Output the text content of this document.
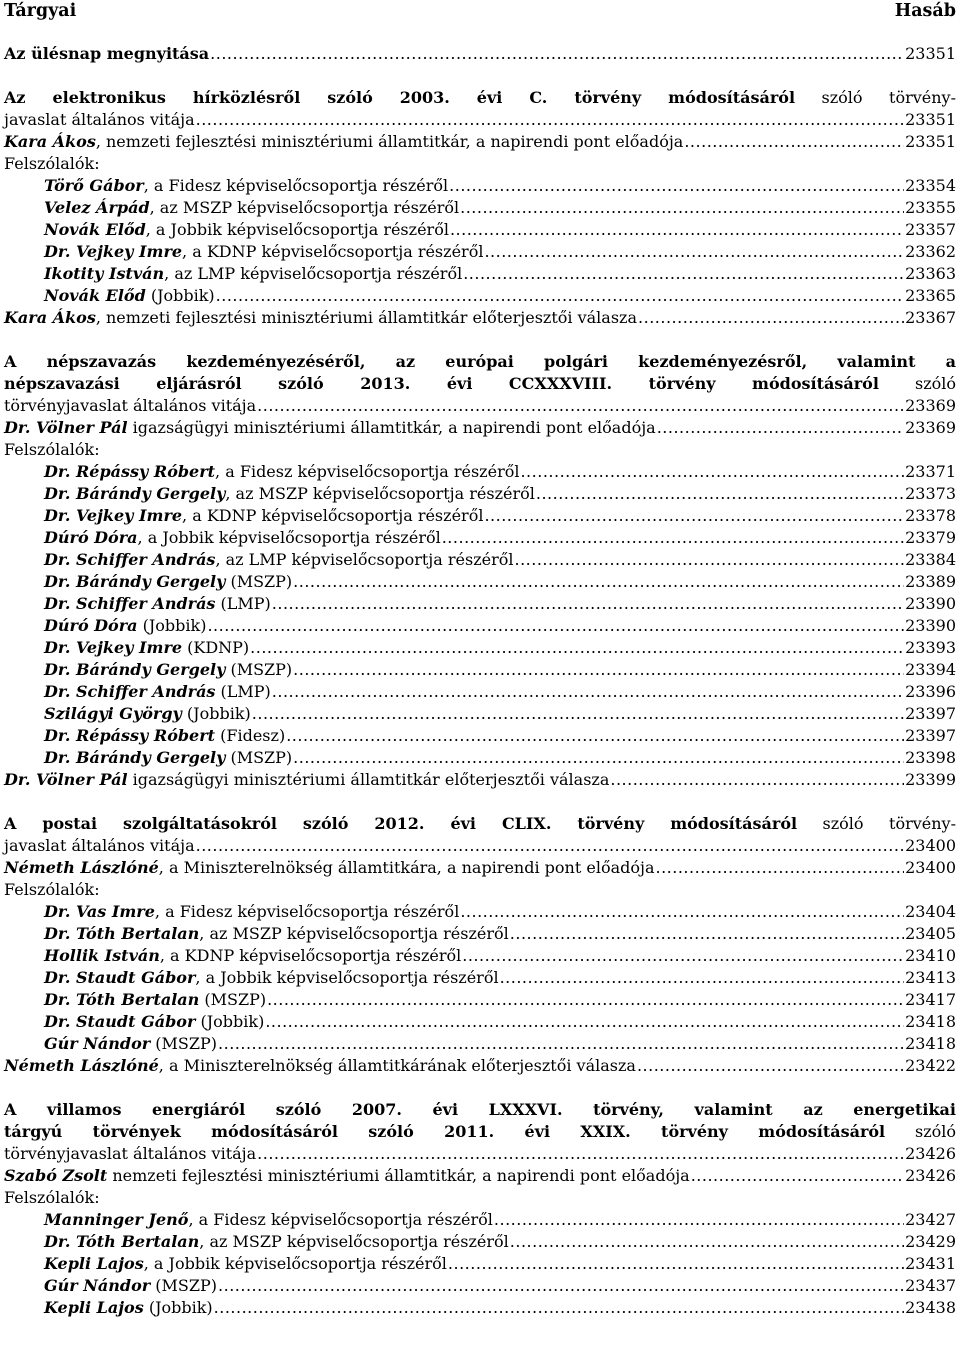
Tárgyai	Hasáb
Az ülésnap megnyitása .....	23351
Az elektronikus hírközlésről szóló 2003. évi C. törvény módosításáról szóló törvény-
javaslat általános vitája .....	23351
Kara Ákos, nemzeti fejlesztési minisztériumi államtitkár, a napirendi pont előadója .....	23351
Felszólalók:
Törő Gábor, a Fidesz képviselőcsoportja részéről .....	23354
Velez Árpád, az MSZP képviselőcsoportja részéről .....	23355
Novák Előd, a Jobbik képviselőcsoportja részéről .....	23357
Dr. Vejkey Imre, a KDNP képviselőcsoportja részéről .....	23362
Ikotity István, az LMP képviselőcsoportja részéről .....	23363
Novák Előd (Jobbik) .....	23365
Kara Ákos, nemzeti fejlesztési minisztériumi államtitkár előterjesztői válasza .....	23367
A népszavazás kezdeményezéséről, az európai polgári kezdeményezésről, valamint a
népszavazási eljárásról szóló 2013. évi CCXXXVIII. törvény módosításáról szóló
törvényjavaslat általános vitája .....	23369
Dr. Völner Pál igazságügyi minisztériumi államtitkár, a napirendi pont előadója .....	23369
Felszólalók:
Dr. Répássy Róbert, a Fidesz képviselőcsoportja részéről .....	23371
Dr. Bárándy Gergely, az MSZP képviselőcsoportja részéről .....	23373
Dr. Vejkey Imre, a KDNP képviselőcsoportja részéről .....	23378
Dúró Dóra, a Jobbik képviselőcsoportja részéről .....	23379
Dr. Schiffer András, az LMP képviselőcsoportja részéről .....	23384
Dr. Bárándy Gergely (MSZP) .....	23389
Dr. Schiffer András (LMP) .....	23390
Dúró Dóra (Jobbik) .....	23390
Dr. Vejkey Imre (KDNP) .....	23393
Dr. Bárándy Gergely (MSZP) .....	23394
Dr. Schiffer András (LMP) .....	23396
Szilágyi György (Jobbik) .....	23397
Dr. Répássy Róbert (Fidesz) .....	23397
Dr. Bárándy Gergely (MSZP) .....	23398
Dr. Völner Pál igazságügyi minisztériumi államtitkár előterjesztői válasza .....	23399
A postai szolgáltatásokról szóló 2012. évi CLIX. törvény módosításáról szóló törvény-
javaslat általános vitája .....	23400
Németh Lászlóné, a Miniszterelnökség államtitkára, a napirendi pont előadója .....	23400
Felszólalók:
Dr. Vas Imre, a Fidesz képviselőcsoportja részéről .....	23404
Dr. Tóth Bertalan, az MSZP képviselőcsoportja részéről .....	23405
Hollik István, a KDNP képviselőcsoportja részéről .....	23410
Dr. Staudt Gábor, a Jobbik képviselőcsoportja részéről .....	23413
Dr. Tóth Bertalan (MSZP) .....	23417
Dr. Staudt Gábor (Jobbik) .....	23418
Gúr Nándor (MSZP) .....	23418
Németh Lászlóné, a Miniszterelnökség államtitkárának előterjesztői válasza .....	23422
A villamos energiáról szóló 2007. évi LXXXVI. törvény, valamint az energetikai
tárgyú törvények módosításáról szóló 2011. évi XXIX. törvény módosításáról szóló
törvényjavaslat általános vitája .....	23426
Szabó Zsolt nemzeti fejlesztési minisztériumi államtitkár, a napirendi pont előadója .....	23426
Felszólalók:
Manninger Jenő, a Fidesz képviselőcsoportja részéről .....	23427
Dr. Tóth Bertalan, az MSZP képviselőcsoportja részéről .....	23429
Kepli Lajos, a Jobbik képviselőcsoportja részéről .....	23431
Gúr Nándor (MSZP) .....	23437
Kepli Lajos (Jobbik) .....	23438
